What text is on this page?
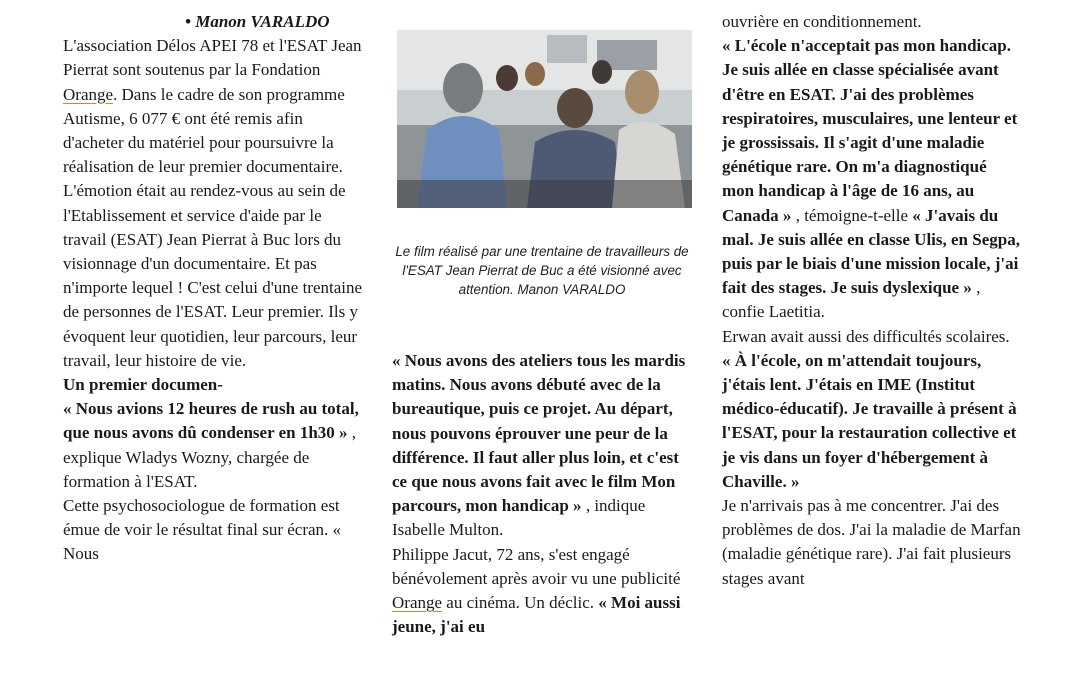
• Manon VARALDO

L'association Délos APEI 78 et l'ESAT Jean Pierrat sont soutenus par la Fondation Orange. Dans le cadre de son programme Autisme, 6 077 € ont été remis afin d'acheter du matériel pour poursuivre la réalisation de leur premier documentaire.

L'émotion était au rendez-vous au sein de l'Etablissement et service d'aide par le travail (ESAT) Jean Pierrat à Buc lors du visionnage d'un documentaire. Et pas n'importe lequel ! C'est celui d'une trentaine de personnes de l'ESAT. Leur premier. Ils y évoquent leur quotidien, leur parcours, leur travail, leur histoire de vie.

Un premier documen-

« Nous avions 12 heures de rush au total, que nous avons dû condenser en 1h30 » , explique Wladys Wozny, chargée de formation à l'ESAT.

Cette psychosociologue de formation est émue de voir le résultat final sur écran. « Nous

Le film réalisé par une trentaine de travailleurs de l'ESAT Jean Pierrat de Buc a été visionné avec attention. Manon VARALDO

« Nous avons des ateliers tous les mardis matins. Nous avons débuté avec de la bureautique, puis ce projet. Au départ, nous pouvons éprouver une peur de la différence. Il faut aller plus loin, et c'est ce que nous avons fait avec le film Mon parcours, mon handicap » , indique Isabelle Multon.

Philippe Jacut, 72 ans, s'est engagé bénévolement après avoir vu une publicité Orange au cinéma. Un déclic. « Moi aussi jeune, j'ai eu

ouvrière en conditionnement.

« L'école n'acceptait pas mon handicap. Je suis allée en classe spécialisée avant d'être en ESAT. J'ai des problèmes respiratoires, musculaires, une lenteur et je grossissais. Il s'agit d'une maladie génétique rare. On m'a diagnostiqué mon handicap à l'âge de 16 ans, au Canada » , témoigne-t-elle « J'avais du mal. Je suis allée en classe Ulis, en Segpa, puis par le biais d'une mission locale, j'ai fait des stages. Je suis dyslexique » , confie Laetitia.

Erwan avait aussi des difficultés scolaires. « À l'école, on m'attendait toujours, j'étais lent. J'étais en IME (Institut médico-éducatif). Je travaille à présent à l'ESAT, pour la restauration collective et je vis dans un foyer d'hébergement à Chaville. »

Je n'arrivais pas à me concentrer. J'ai des problèmes de dos. J'ai la maladie de Marfan (maladie génétique rare). J'ai fait plusieurs stages avant
